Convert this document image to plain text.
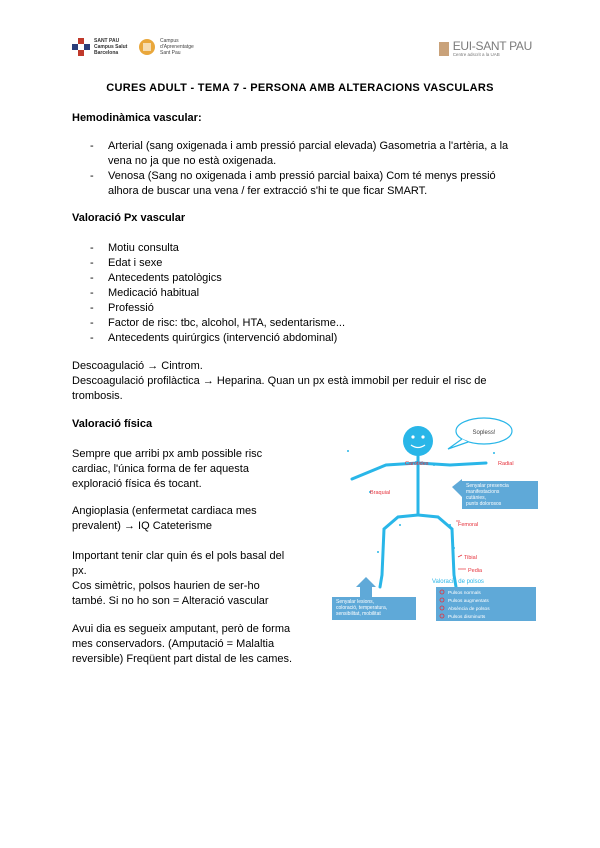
SANT PAU
Campus Salut
Barcelona
Campus
d'Aprenentatge
Sant Pau	EUI-SANT PAU
Centre adscrit a la UAB
CURES ADULT - TEMA 7 - PERSONA AMB ALTERACIONS VASCULARS
Hemodinàmica vascular:
- Arterial (sang oxigenada i amb pressió parcial elevada) Gasometria a l'artèria, a la
vena no ja que no està oxigenada.
- Venosa (Sang no oxigenada i amb pressió parcial baixa) Com té menys pressió
alhora de buscar una vena / fer extracció s'hi te que ficar SMART.
Valoració Px vascular
- Motiu consulta
- Edat i sexe
- Antecedents patològics
- Medicació habitual
- Professió
- Factor de risc: tbc, alcohol, HTA, sedentarisme...
- Antecedents quirúrgics (intervenció abdominal)
Descoagulació → Cintrom.
Descoagulació profilàctica → Heparina. Quan un px està immobil per reduir el risc de
trombosis.
Valoració física
Sempre que arribi px amb possible risc
cardiac, l'única forma de fer aquesta
exploració física és tocant.
Angioplasia (enfermetat cardiaca mes
prevalent) → IQ Cateterisme
Important tenir clar quin és el pols basal del
px.
Cos simètric, polsos haurien de ser-ho
també. Si no ho son = Alteració vascular
Avui dia es segueix amputant, però de forma
mes conservadors. (Amputació = Malaltia
reversible) Freqüent part distal de les cames.
Sopless!
Carotides	Radial
Braquial
Femoral
Tibial
Pedia
Senyalar presencia
manifestacions
cutànies,
punts dolorosos
Senyalar lesions,
coloració, temperatura,
sensibilitat, mobilitat
Valoració de polsos
Pulsos normals
Pulsos augmentats
Absència de polsos
Pulsos disminuïts
